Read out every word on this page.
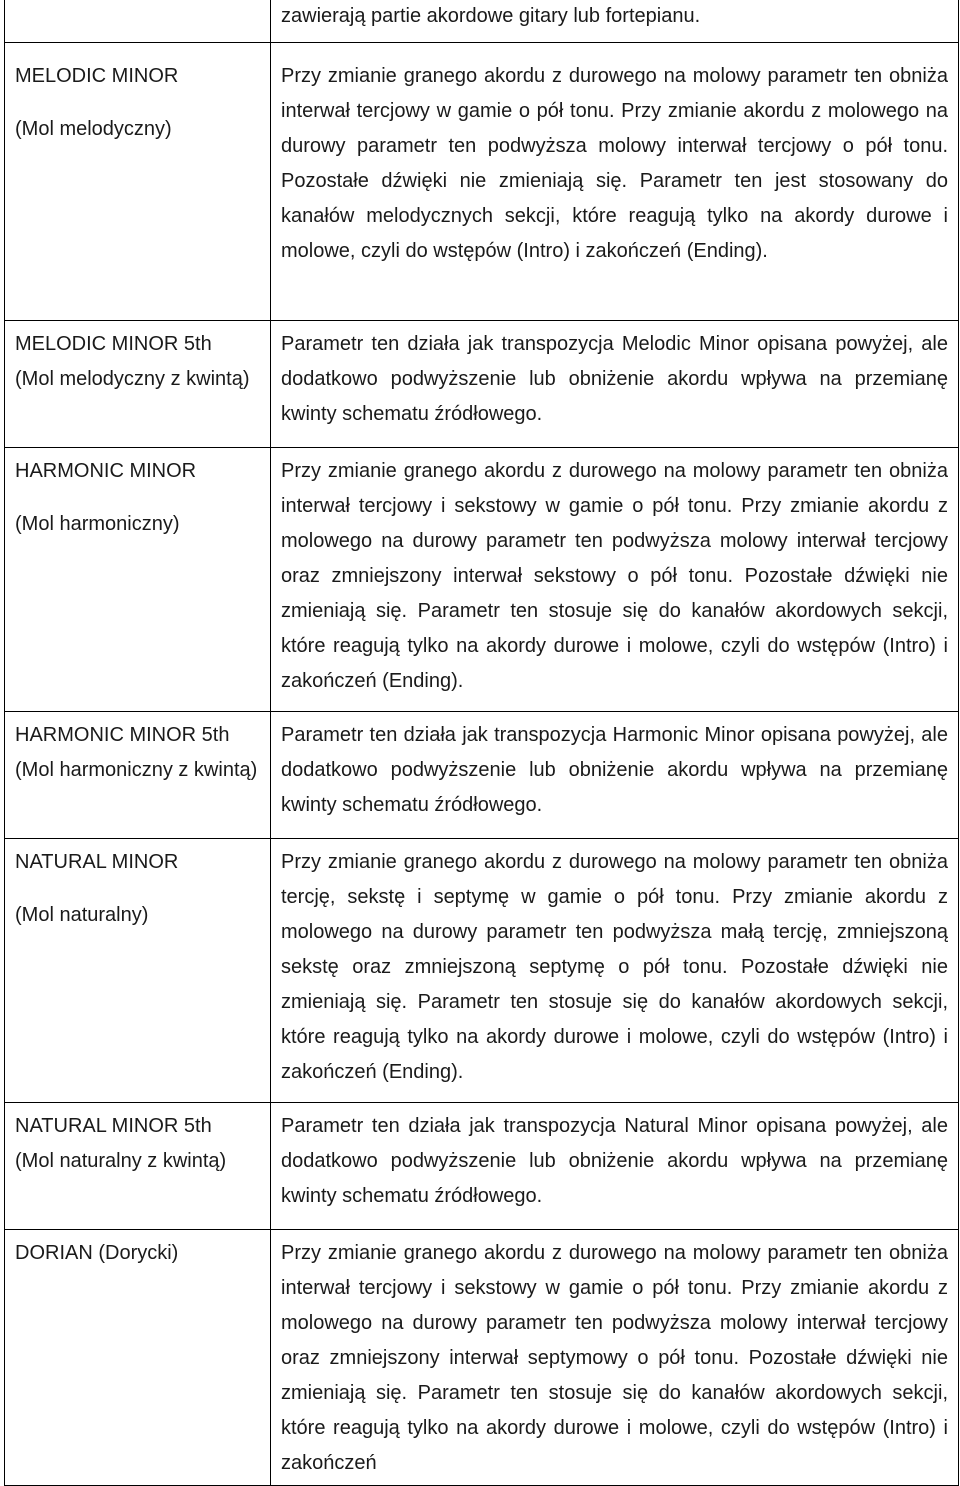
	zawierają partie akordowe gitary lub fortepianu.

MELODIC MINOR
(Mol melodyczny)	Przy zmianie granego akordu z durowego na molowy parametr ten obniża interwał tercjowy w gamie o pół tonu. Przy zmianie akordu z molowego na durowy parametr ten podwyższa molowy interwał tercjowy o pół tonu. Pozostałe dźwięki nie zmieniają się. Parametr ten jest stosowany do kanałów melodycznych sekcji, które reagują tylko na akordy durowe i molowe, czyli do wstępów (Intro) i zakończeń (Ending).

MELODIC MINOR 5th
(Mol melodyczny z kwintą)	Parametr ten działa jak transpozycja Melodic Minor opisana powyżej, ale dodatkowo podwyższenie lub obniżenie akordu wpływa na przemianę kwinty schematu źródłowego.

HARMONIC MINOR
(Mol harmoniczny)	Przy zmianie granego akordu z durowego na molowy parametr ten obniża interwał tercjowy i sekstowy w gamie o pół tonu. Przy zmianie akordu z molowego na durowy parametr ten podwyższa molowy interwał tercjowy oraz zmniejszony interwał sekstowy o pół tonu. Pozostałe dźwięki nie zmieniają się. Parametr ten stosuje się do kanałów akordowych sekcji, które reagują tylko na akordy durowe i molowe, czyli do wstępów (Intro) i zakończeń (Ending).

HARMONIC MINOR 5th
(Mol harmoniczny z kwintą)	Parametr ten działa jak transpozycja Harmonic Minor opisana powyżej, ale dodatkowo podwyższenie lub obniżenie akordu wpływa na przemianę kwinty schematu źródłowego.

NATURAL MINOR
(Mol naturalny)	Przy zmianie granego akordu z durowego na molowy parametr ten obniża tercję, sekstę i septymę w gamie o pół tonu. Przy zmianie akordu z molowego na durowy parametr ten podwyższa małą tercję, zmniejszoną sekstę oraz zmniejszoną septymę o pół tonu. Pozostałe dźwięki nie zmieniają się. Parametr ten stosuje się do kanałów akordowych sekcji, które reagują tylko na akordy durowe i molowe, czyli do wstępów (Intro) i zakończeń (Ending).

NATURAL MINOR 5th
(Mol naturalny z kwintą)	Parametr ten działa jak transpozycja Natural Minor opisana powyżej, ale dodatkowo podwyższenie lub obniżenie akordu wpływa na przemianę kwinty schematu źródłowego.

DORIAN (Dorycki)	Przy zmianie granego akordu z durowego na molowy parametr ten obniża interwał tercjowy i sekstowy w gamie o pół tonu. Przy zmianie akordu z molowego na durowy parametr ten podwyższa molowy interwał tercjowy oraz zmniejszony interwał septymowy o pół tonu. Pozostałe dźwięki nie zmieniają się. Parametr ten stosuje się do kanałów akordowych sekcji, które reagują tylko na akordy durowe i molowe, czyli do wstępów (Intro) i zakończeń
